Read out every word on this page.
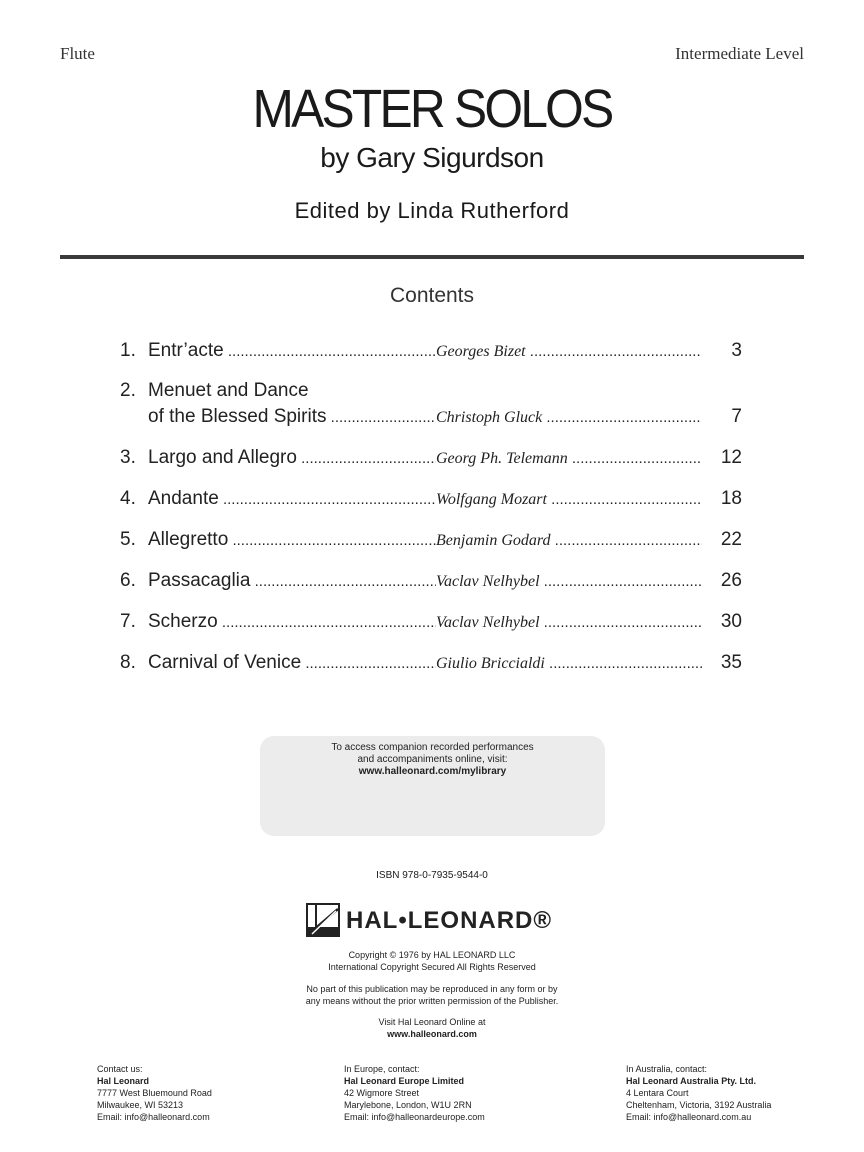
Flute	Intermediate Level
MASTER SOLOS
by Gary Sigurdson
Edited by Linda Rutherford
Contents
1. Entr’acte .....	Georges Bizet .....	3
2. Menuet and Dance
of the Blessed Spirits .....	Christoph Gluck .....	7
3. Largo and Allegro .....	Georg Ph. Telemann .....	12
4. Andante .....	Wolfgang Mozart .....	18
5. Allegretto .....	Benjamin Godard .....	22
6. Passacaglia .....	Vaclav Nelhybel .....	26
7. Scherzo .....	Vaclav Nelhybel .....	30
8. Carnival of Venice .....	Giulio Briccialdi .....	35
To access companion recorded performances
and accompaniments online, visit:
www.halleonard.com/mylibrary
ISBN 978-0-7935-9544-0
HAL•LEONARD®
Copyright © 1976 by HAL LEONARD LLC
International Copyright Secured All Rights Reserved
No part of this publication may be reproduced in any form or by
any means without the prior written permission of the Publisher.
Visit Hal Leonard Online at
www.halleonard.com
Contact us:
Hal Leonard
7777 West Bluemound Road
Milwaukee, WI 53213
Email: info@halleonard.com
In Europe, contact:
Hal Leonard Europe Limited
42 Wigmore Street
Marylebone, London, W1U 2RN
Email: info@halleonardeurope.com
In Australia, contact:
Hal Leonard Australia Pty. Ltd.
4 Lentara Court
Cheltenham, Victoria, 3192 Australia
Email: info@halleonard.com.au
